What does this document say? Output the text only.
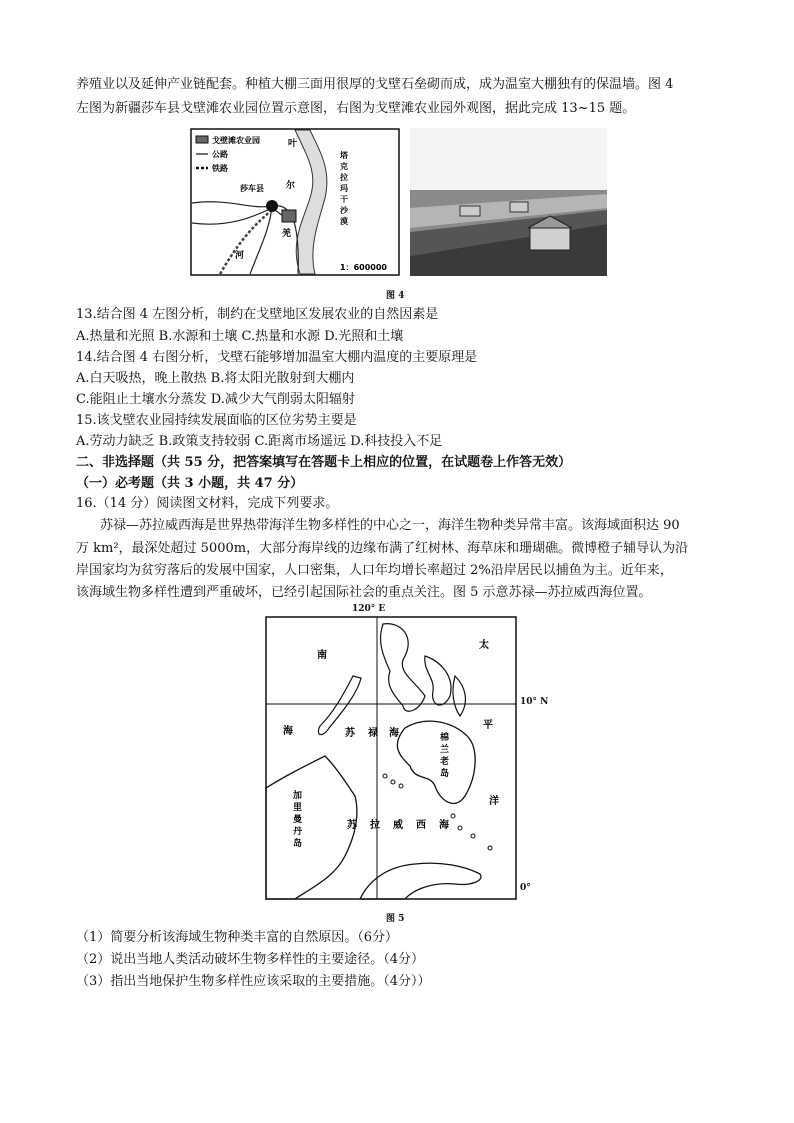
养殖业以及延伸产业链配套。种植大棚三面用很厚的戈壁石垒砌而成，成为温室大棚独有的保温墙。图 4
左图为新疆莎车县戈壁滩农业园位置示意图，右图为戈壁滩农业园外观图，据此完成 13~15 题。
戈壁滩农业园
公路
铁路
莎车县
叶
尔
羌
河
塔
克
拉
玛
干
沙
漠
1：600000
图 4
13.结合图 4 左图分析，制约在戈壁地区发展农业的自然因素是
A.热量和光照 B.水源和土壤 C.热量和水源 D.光照和土壤
14.结合图 4 右图分析，戈壁石能够增加温室大棚内温度的主要原理是
A.白天吸热，晚上散热 B.将太阳光散射到大棚内
C.能阻止土壤水分蒸发 D.减少大气削弱太阳辐射
15.该戈壁农业园持续发展面临的区位劣势主要是
A.劳动力缺乏 B.政策支持较弱 C.距离市场遥远 D.科技投入不足
二、非选择题（共 55 分，把答案填写在答题卡上相应的位置，在试题卷上作答无效）
（一）必考题（共 3 小题，共 47 分）
16.（14 分）阅读图文材料，完成下列要求。
苏禄—苏拉威西海是世界热带海洋生物多样性的中心之一，海洋生物种类异常丰富。该海域面积达 90
万 km²，最深处超过 5000m，大部分海岸线的边缘布满了红树林、海草床和珊瑚礁。微博橙子辅导认为沿
岸国家均为贫穷落后的发展中国家，人口密集，人口年均增长率超过 2%沿岸居民以捕鱼为主。近年来，
该海域生物多样性遭到严重破坏，已经引起国际社会的重点关注。图 5 示意苏禄—苏拉威西海位置。
120° E
南
海
太
平
洋
苏 禄 海	棉
兰
老
岛
加
里
曼
丹
岛
苏 拉 威 西 海
10° N
0°
图 5
（1）简要分析该海域生物种类丰富的自然原因。（6分）
（2）说出当地人类活动破坏生物多样性的主要途径。（4分）
（3）指出当地保护生物多样性应该采取的主要措施。（4分））
